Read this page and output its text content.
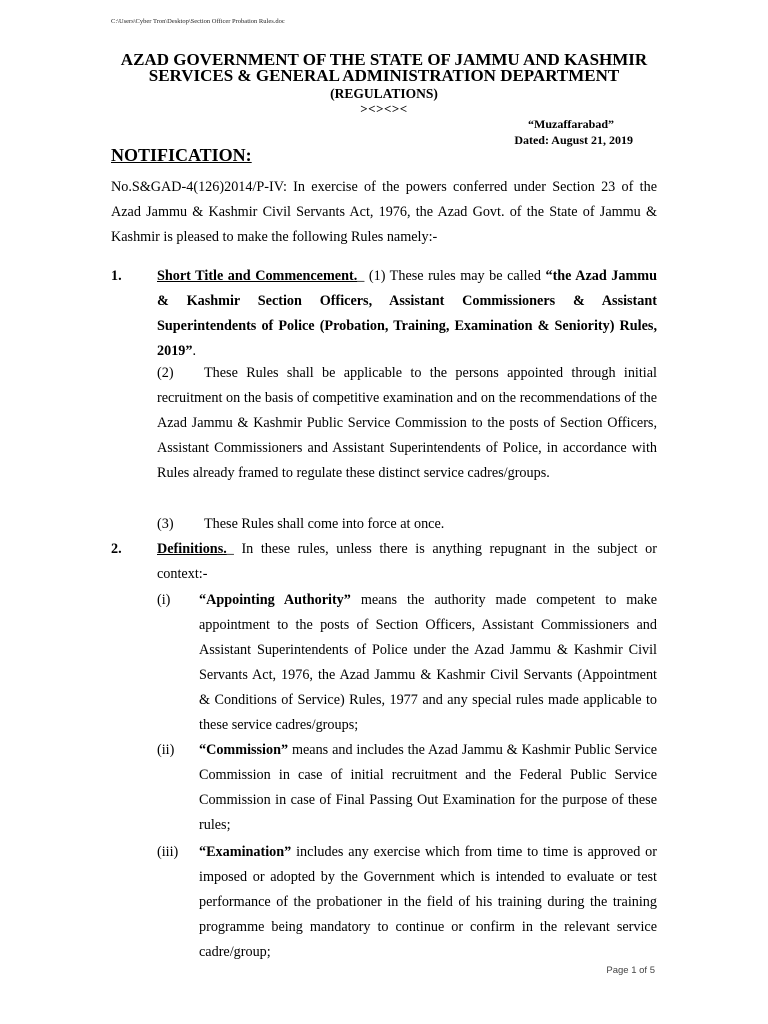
C:\Users\Cyber Tron\Desktop\Section Officer Probation Rules.doc
AZAD GOVERNMENT OF THE STATE OF JAMMU AND KASHMIR
SERVICES & GENERAL ADMINISTRATION DEPARTMENT
(REGULATIONS)
><><><
“Muzaffarabad”
Dated: August 21, 2019
NOTIFICATION:
No.S&GAD-4(126)2014/P-IV: In exercise of the powers conferred under Section 23 of the Azad Jammu & Kashmir Civil Servants Act, 1976, the Azad Govt. of the State of Jammu & Kashmir is pleased to make the following Rules namely:-
1. Short Title and Commencement._ (1) These rules may be called “the Azad Jammu & Kashmir Section Officers, Assistant Commissioners & Assistant Superintendents of Police (Probation, Training, Examination & Seniority) Rules, 2019”.
(2)	These Rules shall be applicable to the persons appointed through initial recruitment on the basis of competitive examination and on the recommendations of the Azad Jammu & Kashmir Public Service Commission to the posts of Section Officers, Assistant Commissioners and Assistant Superintendents of Police, in accordance with Rules already framed to regulate these distinct service cadres/groups.
(3) These Rules shall come into force at once.
2. Definitions._ In these rules, unless there is anything repugnant in the subject or context:-
(i) “Appointing Authority” means the authority made competent to make appointment to the posts of Section Officers, Assistant Commissioners and Assistant Superintendents of Police under the Azad Jammu & Kashmir Civil Servants Act, 1976, the Azad Jammu & Kashmir Civil Servants (Appointment & Conditions of Service) Rules, 1977 and any special rules made applicable to these service cadres/groups;
(ii) “Commission” means and includes the Azad Jammu & Kashmir Public Service Commission in case of initial recruitment and the Federal Public Service Commission in case of Final Passing Out Examination for the purpose of these rules;
(iii) “Examination” includes any exercise which from time to time is approved or imposed or adopted by the Government which is intended to evaluate or test performance of the probationer in the field of his training during the training programme being mandatory to continue or confirm in the relevant service cadre/group;
Page 1 of 5
